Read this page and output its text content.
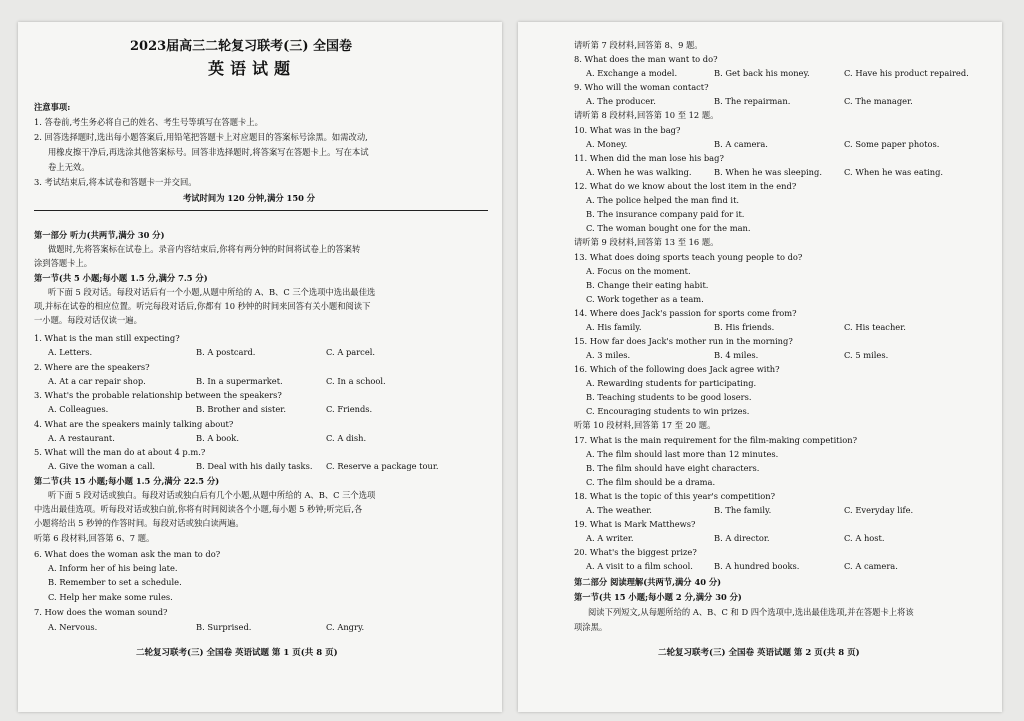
2023届高三二轮复习联考(三) 全国卷
英语试题
注意事项:
1. 答卷前,考生务必将自己的姓名、考生号等填写在答题卡上。
2. 回答选择题时,选出每小题答案后,用铅笔把答题卡上对应题目的答案标号涂黑。如需改动,
用橡皮擦干净后,再选涂其他答案标号。回答非选择题时,将答案写在答题卡上。写在本试
卷上无效。
3. 考试结束后,将本试卷和答题卡一并交回。
考试时间为 120 分钟,满分 150 分
第一部分 听力(共两节,满分 30 分)
做题时,先将答案标在试卷上。录音内容结束后,你将有两分钟的时间将试卷上的答案转
涂到答题卡上。
第一节(共 5 小题;每小题 1.5 分,满分 7.5 分)
听下面 5 段对话。每段对话后有一个小题,从题中所给的 A、B、C 三个选项中选出最佳选
项,并标在试卷的相应位置。听完每段对话后,你都有 10 秒钟的时间来回答有关小题和阅读下
一小题。每段对话仅读一遍。
1. What is the man still expecting?
A. Letters.	B. A postcard.	C. A parcel.
2. Where are the speakers?
A. At a car repair shop.	B. In a supermarket.	C. In a school.
3. What's the probable relationship between the speakers?
A. Colleagues.	B. Brother and sister.	C. Friends.
4. What are the speakers mainly talking about?
A. A restaurant.	B. A book.	C. A dish.
5. What will the man do at about 4 p.m.?
A. Give the woman a call.	B. Deal with his daily tasks. C. Reserve a package tour.
第二节(共 15 小题;每小题 1.5 分,满分 22.5 分)
听下面 5 段对话或独白。每段对话或独白后有几个小题,从题中所给的 A、B、C 三个选项
中选出最佳选项。听每段对话或独白前,你将有时间阅读各个小题,每小题 5 秒钟;听完后,各
小题将给出 5 秒钟的作答时间。每段对话或独白读两遍。
听第 6 段材料,回答第 6、7 题。
6. What does the woman ask the man to do?
A. Inform her of his being late.
B. Remember to set a schedule.
C. Help her make some rules.
7. How does the woman sound?
A. Nervous.	B. Surprised.	C. Angry.
二轮复习联考(三) 全国卷 英语试题 第 1 页(共 8 页)
请听第 7 段材料,回答第 8、9 题。
8. What does the man want to do?
A. Exchange a model.	B. Get back his money.	C. Have his product repaired.
9. Who will the woman contact?
A. The producer.	B. The repairman.	C. The manager.
请听第 8 段材料,回答第 10 至 12 题。
10. What was in the bag?
A. Money.	B. A camera.	C. Some paper photos.
11. When did the man lose his bag?
A. When he was walking.	B. When he was sleeping.	C. When he was eating.
12. What do we know about the lost item in the end?
A. The police helped the man find it.
B. The insurance company paid for it.
C. The woman bought one for the man.
请听第 9 段材料,回答第 13 至 16 题。
13. What does doing sports teach young people to do?
A. Focus on the moment.
B. Change their eating habit.
C. Work together as a team.
14. Where does Jack's passion for sports come from?
A. His family.	B. His friends.	C. His teacher.
15. How far does Jack's mother run in the morning?
A. 3 miles.	B. 4 miles.	C. 5 miles.
16. Which of the following does Jack agree with?
A. Rewarding students for participating.
B. Teaching students to be good losers.
C. Encouraging students to win prizes.
听第 10 段材料,回答第 17 至 20 题。
17. What is the main requirement for the film-making competition?
A. The film should last more than 12 minutes.
B. The film should have eight characters.
C. The film should be a drama.
18. What is the topic of this year's competition?
A. The weather.	B. The family.	C. Everyday life.
19. What is Mark Matthews?
A. A writer.	B. A director.	C. A host.
20. What's the biggest prize?
A. A visit to a film school.	B. A hundred books.	C. A camera.
第二部分 阅读理解(共两节,满分 40 分)
第一节(共 15 小题;每小题 2 分,满分 30 分)
阅读下列短文,从每题所给的 A、B、C 和 D 四个选项中,选出最佳选项,并在答题卡上将该
项涂黑。
二轮复习联考(三) 全国卷 英语试题 第 2 页(共 8 页)
